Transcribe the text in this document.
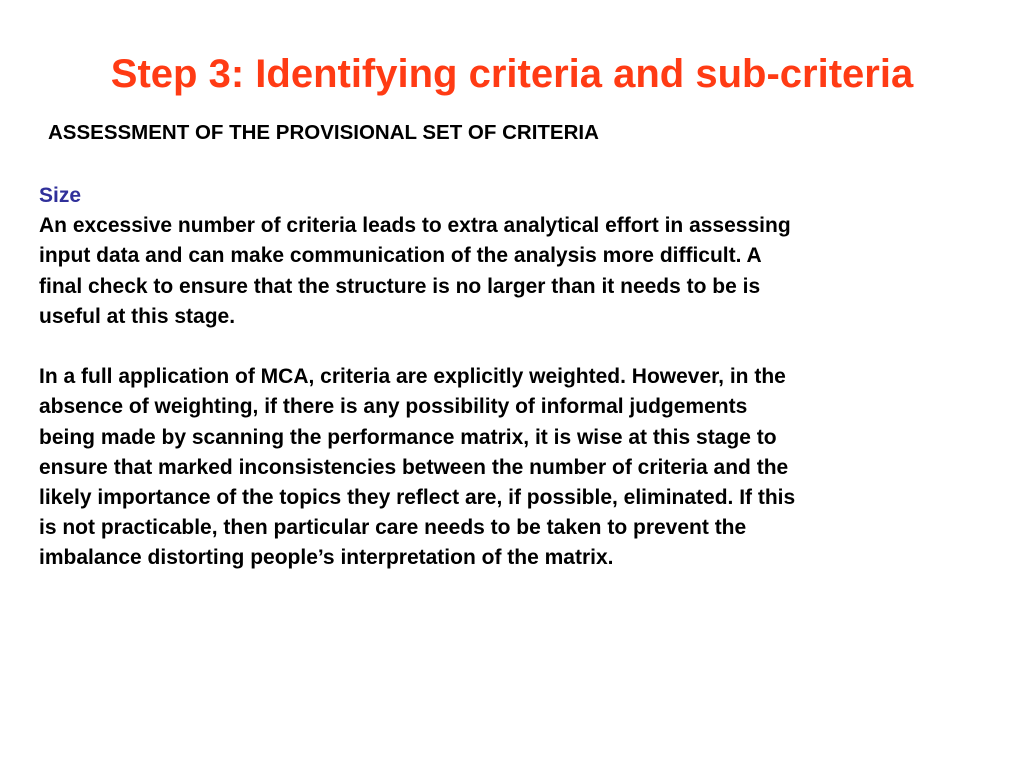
Step 3: Identifying criteria and sub-criteria
ASSESSMENT OF THE PROVISIONAL SET OF CRITERIA
Size

An excessive number of criteria leads to extra analytical effort in assessing
input data and can make communication of the analysis more difficult. A
final check to ensure that the structure is no larger than it needs to be is
useful at this stage.

In a full application of MCA, criteria are explicitly weighted. However, in the
absence of weighting, if there is any possibility of informal judgements
being made by scanning the performance matrix, it is wise at this stage to
ensure that marked inconsistencies between the number of criteria and the
likely importance of the topics they reflect are, if possible, eliminated. If this
is not practicable, then particular care needs to be taken to prevent the
imbalance distorting people’s interpretation of the matrix.
